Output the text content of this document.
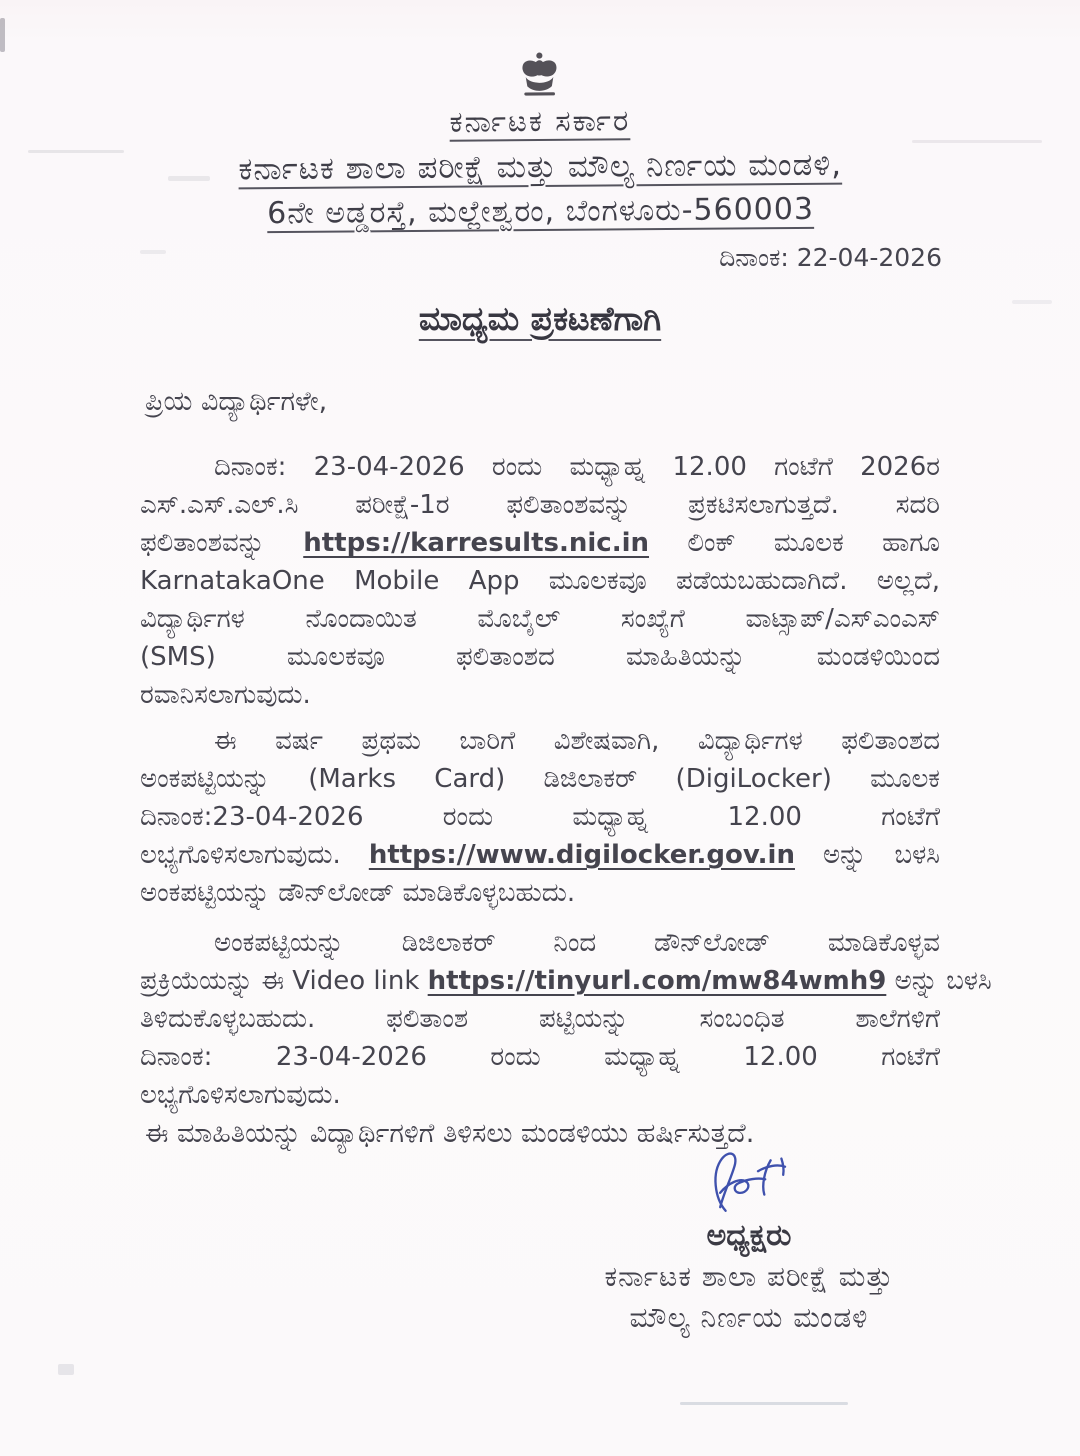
ಕರ್ನಾಟಕ ಸರ್ಕಾರ
ಕರ್ನಾಟಕ ಶಾಲಾ ಪರೀಕ್ಷೆ ಮತ್ತು ಮೌಲ್ಯ ನಿರ್ಣಯ ಮಂಡಳಿ,
6ನೇ ಅಡ್ಡರಸ್ತೆ, ಮಲ್ಲೇಶ್ವರಂ, ಬೆಂಗಳೂರು-560003
ದಿನಾಂಕ: 22-04-2026
ಮಾಧ್ಯಮ ಪ್ರಕಟಣೆಗಾಗಿ
ಪ್ರಿಯ ವಿದ್ಯಾರ್ಥಿಗಳೇ,
ದಿನಾಂಕ: 23-04-2026 ರಂದು ಮಧ್ಯಾಹ್ನ 12.00 ಗಂಟೆಗೆ 2026ರ
ಎಸ್.ಎಸ್.ಎಲ್.ಸಿ ಪರೀಕ್ಷೆ-1ರ ಫಲಿತಾಂಶವನ್ನು ಪ್ರಕಟಿಸಲಾಗುತ್ತದೆ. ಸದರಿ
ಫಲಿತಾಂಶವನ್ನು https://karresults.nic.in ಲಿಂಕ್ ಮೂಲಕ ಹಾಗೂ
KarnatakaOne Mobile App ಮೂಲಕವೂ ಪಡೆಯಬಹುದಾಗಿದೆ. ಅಲ್ಲದೆ,
ವಿದ್ಯಾರ್ಥಿಗಳ ನೊಂದಾಯಿತ ಮೊಬೈಲ್ ಸಂಖ್ಯೆಗೆ ವಾಟ್ಸಾಪ್/ಎಸ್‌ಎಂಎಸ್
(SMS) ಮೂಲಕವೂ ಫಲಿತಾಂಶದ ಮಾಹಿತಿಯನ್ನು ಮಂಡಳಿಯಿಂದ
ರವಾನಿಸಲಾಗುವುದು.
ಈ ವರ್ಷ ಪ್ರಥಮ ಬಾರಿಗೆ ವಿಶೇಷವಾಗಿ, ವಿದ್ಯಾರ್ಥಿಗಳ ಫಲಿತಾಂಶದ
ಅಂಕಪಟ್ಟಿಯನ್ನು (Marks Card) ಡಿಜಿಲಾಕರ್ (DigiLocker) ಮೂಲಕ
ದಿನಾಂಕ:23-04-2026 ರಂದು ಮಧ್ಯಾಹ್ನ 12.00 ಗಂಟೆಗೆ
ಲಭ್ಯಗೊಳಿಸಲಾಗುವುದು. https://www.digilocker.gov.in ಅನ್ನು ಬಳಸಿ
ಅಂಕಪಟ್ಟಿಯನ್ನು ಡೌನ್‌ಲೋಡ್ ಮಾಡಿಕೊಳ್ಳಬಹುದು.
ಅಂಕಪಟ್ಟಿಯನ್ನು ಡಿಜಿಲಾಕರ್ ನಿಂದ ಡೌನ್‌ಲೋಡ್ ಮಾಡಿಕೊಳ್ಳವ
ಪ್ರಕ್ರಿಯೆಯನ್ನು ಈ Video link https://tinyurl.com/mw84wmh9 ಅನ್ನು ಬಳಸಿ
ತಿಳಿದುಕೊಳ್ಳಬಹುದು. ಫಲಿತಾಂಶ ಪಟ್ಟಿಯನ್ನು ಸಂಬಂಧಿತ ಶಾಲೆಗಳಿಗೆ
ದಿನಾಂಕ: 23-04-2026 ರಂದು ಮಧ್ಯಾಹ್ನ 12.00 ಗಂಟೆಗೆ
ಲಭ್ಯಗೊಳಿಸಲಾಗುವುದು.
ಈ ಮಾಹಿತಿಯನ್ನು ವಿದ್ಯಾರ್ಥಿಗಳಿಗೆ ತಿಳಿಸಲು ಮಂಡಳಿಯು ಹರ್ಷಿಸುತ್ತದೆ.
ಅಧ್ಯಕ್ಷರು
ಕರ್ನಾಟಕ ಶಾಲಾ ಪರೀಕ್ಷೆ ಮತ್ತು
ಮೌಲ್ಯ ನಿರ್ಣಯ ಮಂಡಳಿ
